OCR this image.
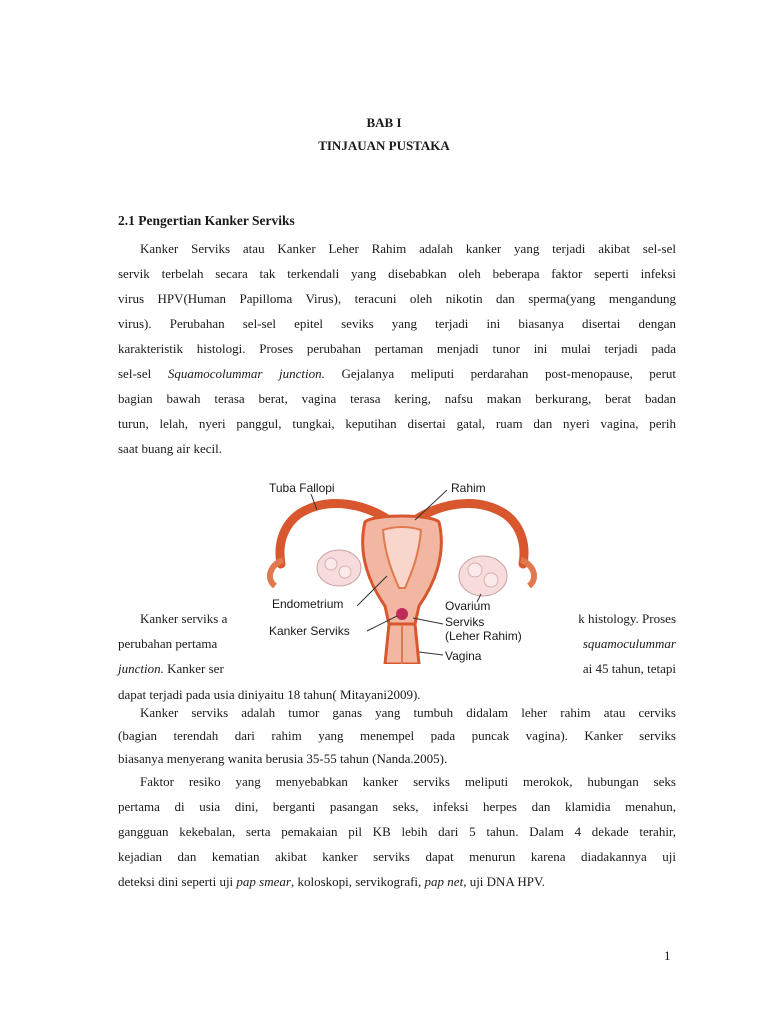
BAB I
TINJAUAN PUSTAKA
2.1 Pengertian Kanker Serviks
Kanker Serviks atau Kanker Leher Rahim adalah kanker yang terjadi akibat sel-sel
servik terbelah secara tak terkendali yang disebabkan oleh beberapa faktor seperti infeksi
virus HPV(Human Papilloma Virus), teracuni oleh nikotin dan sperma(yang mengandung
virus). Perubahan sel-sel epitel seviks yang terjadi ini biasanya disertai dengan
karakteristik histologi. Proses perubahan pertaman menjadi tunor ini mulai terjadi pada
sel-sel Squamocolummar junction. Gejalanya meliputi perdarahan post-menopause, perut
bagian bawah terasa berat, vagina terasa kering, nafsu makan berkurang, berat badan
turun, lelah, nyeri panggul, tungkai, keputihan disertai gatal, ruam dan nyeri vagina, perih
saat buang air kecil.
Kanker serviks a	k histology. Proses
perubahan pertama	squamoculummar
junction. Kanker ser	ai 45 tahun, tetapi
dapat terjadi pada usia diniyaitu 18 tahun( Mitayani2009).
Kanker serviks adalah tumor ganas yang tumbuh didalam leher rahim atau cerviks
(bagian terendah dari rahim yang menempel pada puncak vagina). Kanker serviks
biasanya menyerang wanita berusia 35-55 tahun (Nanda.2005).
Faktor resiko yang menyebabkan kanker serviks meliputi merokok, hubungan seks
pertama di usia dini, berganti pasangan seks, infeksi herpes dan klamidia menahun,
gangguan kekebalan, serta pemakaian pil KB lebih dari 5 tahun. Dalam 4 dekade terahir,
kejadian dan kematian akibat kanker serviks dapat menurun karena diadakannya uji
deteksi dini seperti uji pap smear, koloskopi, servikografi, pap net, uji DNA HPV.
Tuba Fallopi	Rahim
Endometrium	Ovarium
Kanker Serviks
Serviks
(Leher Rahim)
Vagina
1
